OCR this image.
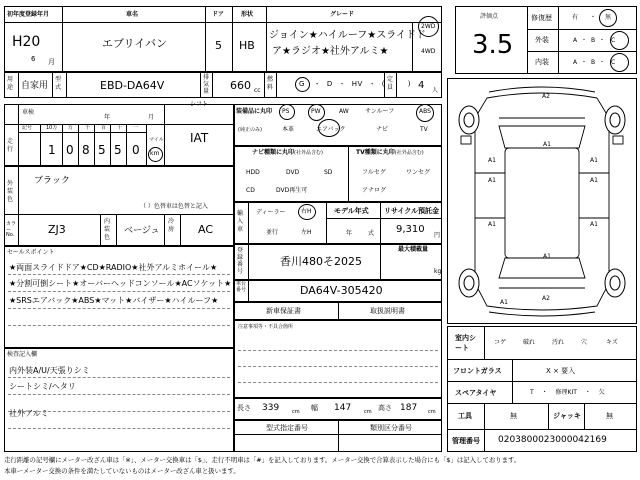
初年度登録年月
H20
6 月
車名
エブリイバン
ドア
5
形状
HB
グレード
ジョイン★ハイルーフ★スライドド
ア★ラジオ★社外アルミ★
2WD
4WD
用途 自家用
型式	EBD-DA64V
排気量 660 cc
燃料	G ・ D ・ HV ・ (	)
定員 4 人
評価点
3.5
修復歴	有 ・ 無
外装	A ・ B ・ C
内装	A ・ B ・ C
車検
年	月
シフト
IAT
走行
記号	10万 万 千 百 十 一
1 0 8 5 5 0
マイル
km
外装色
ブラック
（ ）色替車は色替と記入
カラーNo.	ZJ3
内装色
ベージュ
冷房 AC
装備品に丸印
(純正のみ)
PS	PW	AW	サンルーフ	ABS
本革	エアバック	ナビ	TV
ナビ種類に丸印(社外品含む)
HDD	DVD	SD
CD	DVD再生可
TV種類に丸印(社外品含む)
フルセグ	ワンセグ
アナログ
輸入車
ディーラー
並行
右H
左H
モデル年式
年	式
リサイクル預託金
9,310
円
登録番号
香川480そ2025
最大積載量
kg
車台番号	DA64V-305420
新車保証書	取扱説明書
セールスポイント
★両面スライドドア★CD★RADIO★社外アルミホイール★
★分割可倒シート★オーバーヘッドコンソール★ACソケット★
★SRSエアバック★ABS★マット★バイザー★ハイルーフ★
検査記入欄
内外装A/U/天張りシミ
シートシミ/ヘタリ
社外アルミ
注意事項等・不具合箇所
長さ 339	cm 幅 147	cm 高さ 187 cm
型式指定番号	類別区分番号
A2
A1
A1
A1
A1
A1
A1
A1
A1
A2
A1
室内シート
コゲ	破れ	汚れ	穴	キズ
フロントガラス	X × 要入
スペアタイヤ	T ・ 修理KIT ・ 欠
工具	無	ジャッキ	無
管理番号 0203800023000042169
走行距離の記号欄にメーター改ざん車は「※」、メーター交換車は「$」、走行不明車は「#」を記入しております。メーター交換で合算表示した場合にも「$」は記入しております。
本車ーメーター交換の条件を満たしていないものはメーター改ざん車と扱います。
